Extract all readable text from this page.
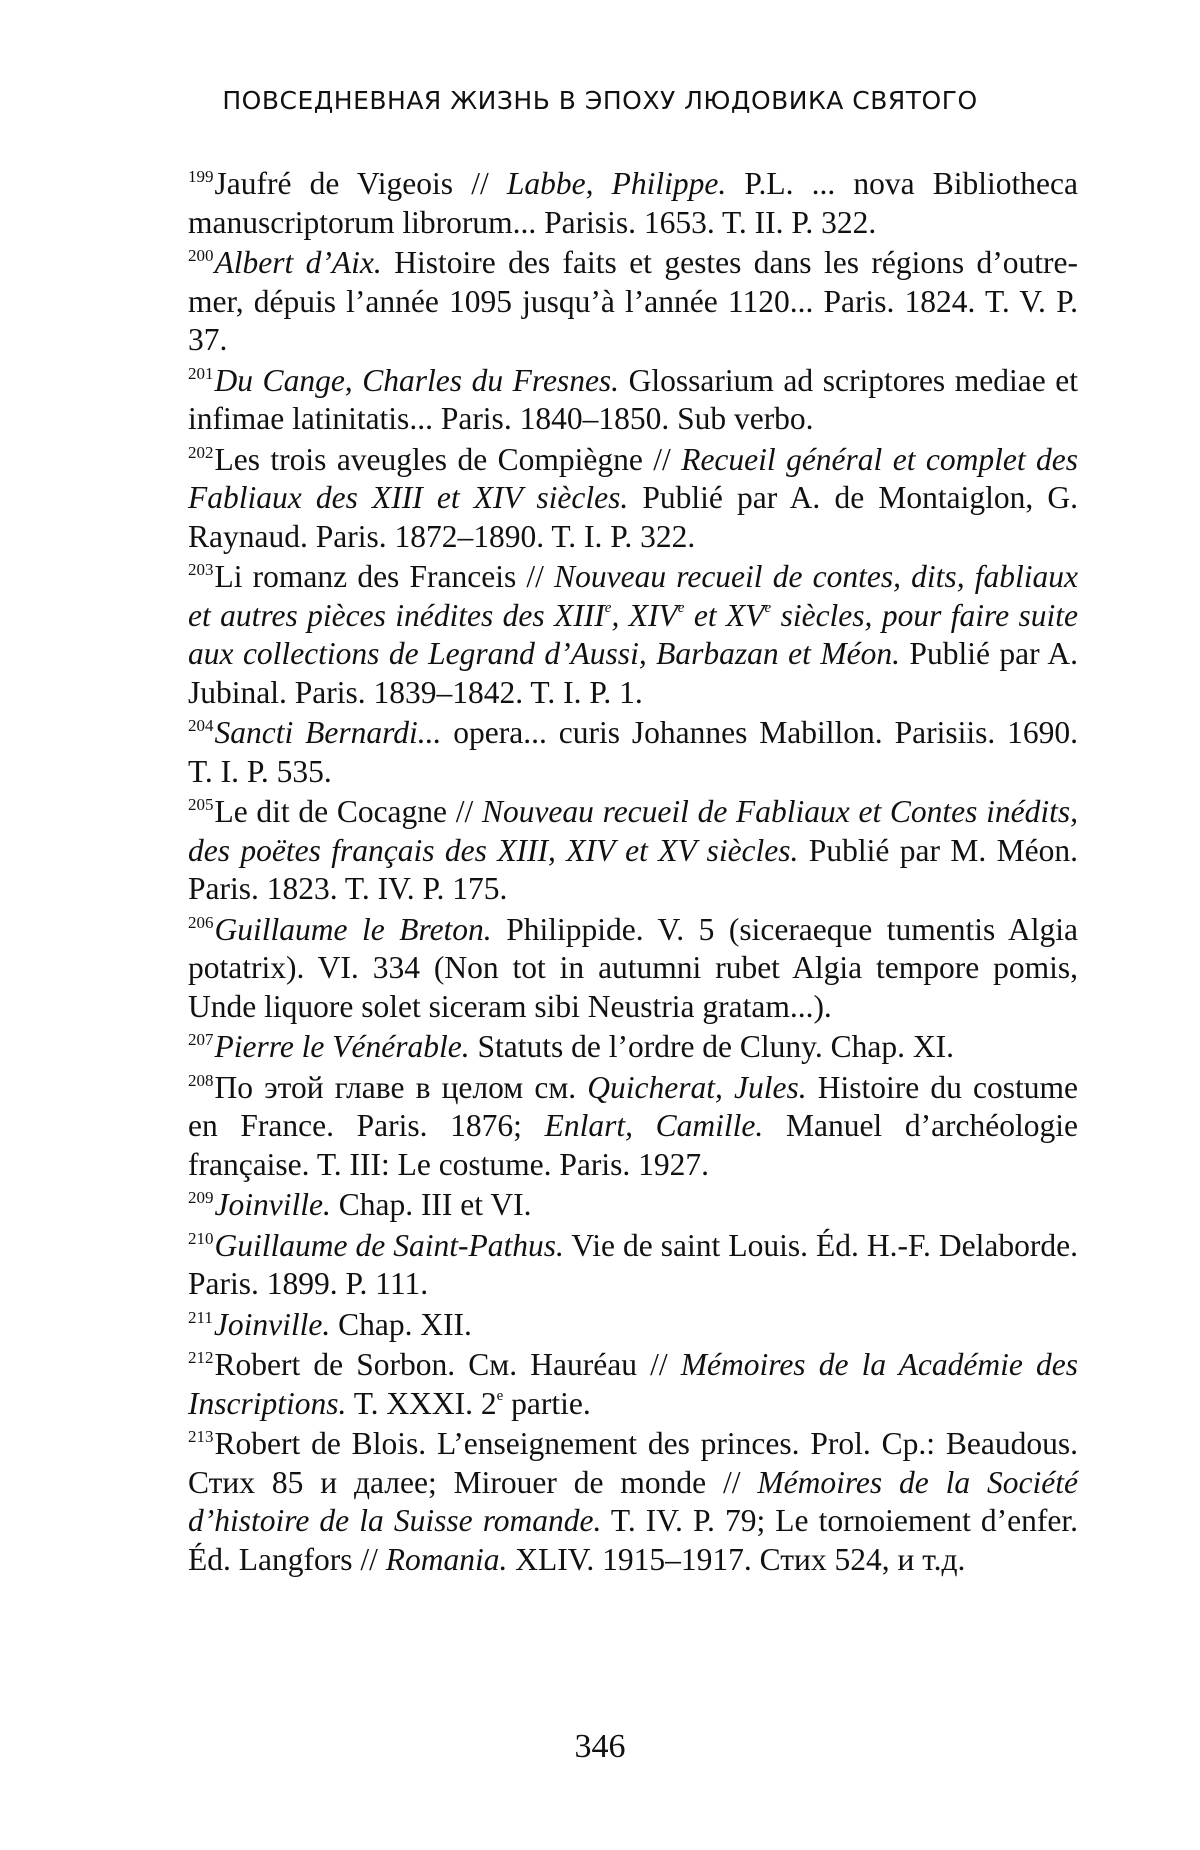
ПОВСЕДНЕВНАЯ ЖИЗНЬ В ЭПОХУ ЛЮДОВИКА СВЯТОГО

$^{199}$Jaufré de Vigeois // Labbe, Philippe. P.L. ... nova Bibliotheca manuscriptorum librorum... Parisis. 1653. T. II. P. 322.

$^{200}$Albert d’Aix. Histoire des faits et gestes dans les régions d’outre-mer, dépuis l’année 1095 jusqu’à l’année 1120... Paris. 1824. T. V. P. 37.

$^{201}$Du Cange, Charles du Fresnes. Glossarium ad scriptores mediae et infimae latinitatis... Paris. 1840–1850. Sub verbo.

$^{202}$Les trois aveugles de Compiègne // Recueil général et complet des Fabliaux des XIII et XIV siècles. Publié par A. de Montaiglon, G. Raynaud. Paris. 1872–1890. T. I. P. 322.

$^{203}$Li romanz des Franceis // Nouveau recueil de contes, dits, fabliaux et autres pièces inédites des XIIIe, XIVe et XVe siècles, pour faire suite aux collections de Legrand d’Aussi, Barbazan et Méon. Publié par A. Jubinal. Paris. 1839–1842. T. I. P. 1.

$^{204}$Sancti Bernardi... opera... curis Johannes Mabillon. Parisiis. 1690. T. I. P. 535.

$^{205}$Le dit de Cocagne // Nouveau recueil de Fabliaux et Contes inédits, des poëtes français des XIII, XIV et XV siècles. Publié par M. Méon. Paris. 1823. T. IV. P. 175.

$^{206}$Guillaume le Breton. Philippide. V. 5 (siceraeque tumentis Algia potatrix). VI. 334 (Non tot in autumni rubet Algia tempore pomis, Unde liquore solet siceram sibi Neustria gratam...).

$^{207}$Pierre le Vénérable. Statuts de l’ordre de Cluny. Chap. XI.

$^{208}$По этой главе в целом см. Quicherat, Jules. Histoire du costume en France. Paris. 1876; Enlart, Camille. Manuel d’archéologie française. T. III: Le costume. Paris. 1927.

$^{209}$Joinville. Chap. III et VI.

$^{210}$Guillaume de Saint-Pathus. Vie de saint Louis. Éd. H.-F. Delaborde. Paris. 1899. P. 111.

$^{211}$Joinville. Chap. XII.

$^{212}$Robert de Sorbon. См. Hauréau // Mémoires de la Académie des Inscriptions. T. XXXI. 2e partie.

$^{213}$Robert de Blois. L’enseignement des princes. Prol. Ср.: Beaudous. Стих 85 и далее; Mirouer de monde // Mémoires de la Société d’histoire de la Suisse romande. T. IV. P. 79; Le tornoiement d’enfer. Éd. Langfors // Romania. XLIV. 1915–1917. Стих 524, и т.д.

346
